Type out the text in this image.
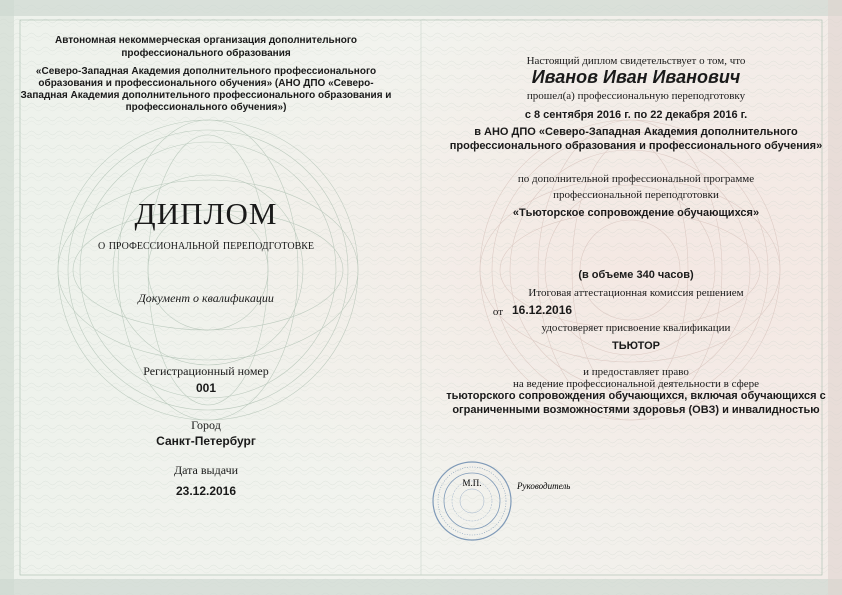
Автономная некоммерческая организация дополнительного профессионального образования
«Северо-Западная Академия дополнительного профессионального образования и профессионального обучения» (АНО ДПО «Северо-Западная Академия дополнительного профессионального образования и профессионального обучения»)
ДИПЛОМ
о профессиональной переподготовке
Документ о квалификации
Регистрационный номер
001
Город
Санкт-Петербург
Дата выдачи
23.12.2016
Настоящий диплом свидетельствует о том, что
Иванов Иван Иванович
прошел(а) профессиональную переподготовку
с 8 сентября 2016 г. по 22 декабря 2016 г.
в АНО ДПО «Северо-Западная Академия дополнительного профессионального образования и профессионального обучения»
по дополнительной профессиональной программе
профессиональной переподготовки
«Тьюторское сопровождение обучающихся»
(в объеме 340 часов)
Итоговая аттестационная комиссия решением
от 16.12.2016
удостоверяет присвоение квалификации
ТЬЮТОР
и предоставляет право
на ведение профессиональной деятельности в сфере
тьюторского сопровождения обучающихся, включая обучающихся с ограниченными возможностями здоровья (ОВЗ) и инвалидностью
М.П.	Руководитель
